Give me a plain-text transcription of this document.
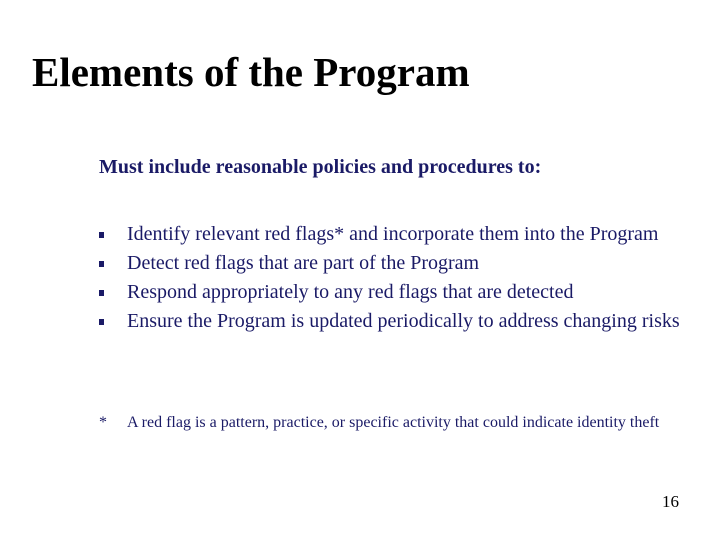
Elements of the Program
Must include reasonable policies and procedures to:
Identify relevant red flags* and incorporate them into the Program
Detect red flags that are part of the Program
Respond appropriately to any red flags that are detected
Ensure the Program is updated periodically to address changing risks
*	A red flag is a pattern, practice, or specific activity that could indicate identity theft
16
